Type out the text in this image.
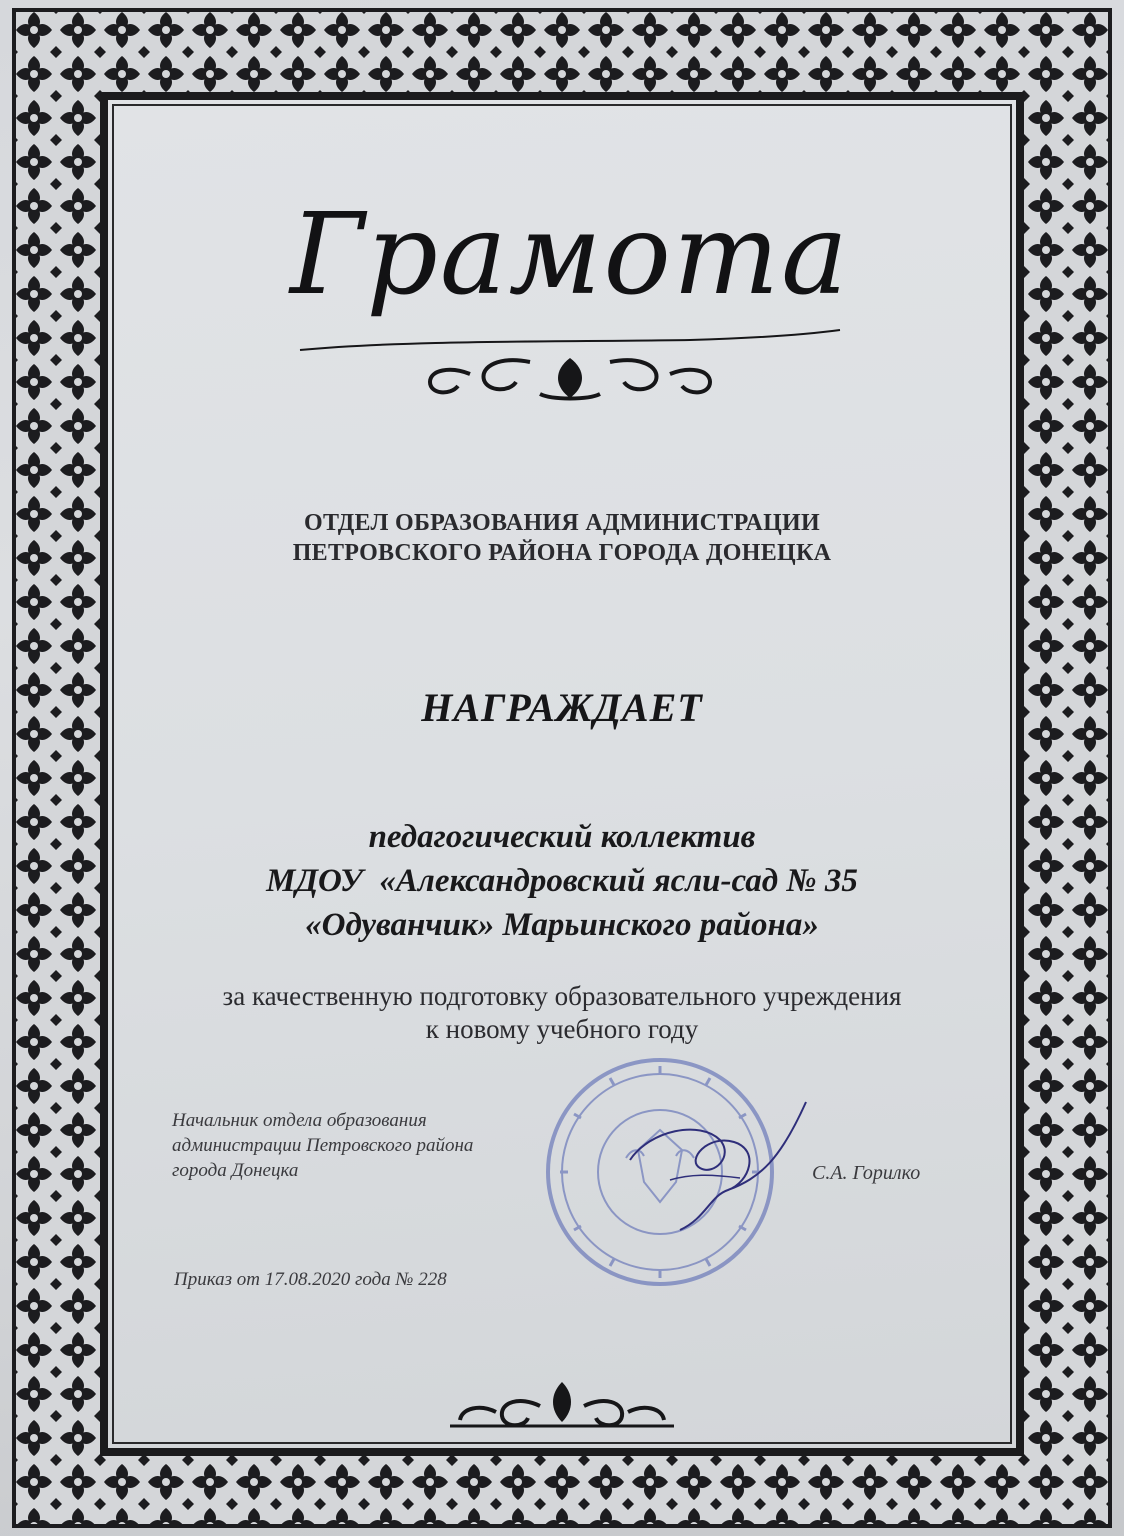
Грамота
ОТДЕЛ ОБРАЗОВАНИЯ АДМИНИСТРАЦИИ
ПЕТРОВСКОГО РАЙОНА ГОРОДА ДОНЕЦКА
НАГРАЖДАЕТ
педагогический коллектив
МДОУ  «Александровский ясли-сад № 35
«Одуванчик» Марьинского района»
за качественную подготовку образовательного учреждения
к новому учебного году
Начальник отдела образования
администрации Петровского района
города Донецка	С.А. Горилко
Приказ от 17.08.2020 года № 228
